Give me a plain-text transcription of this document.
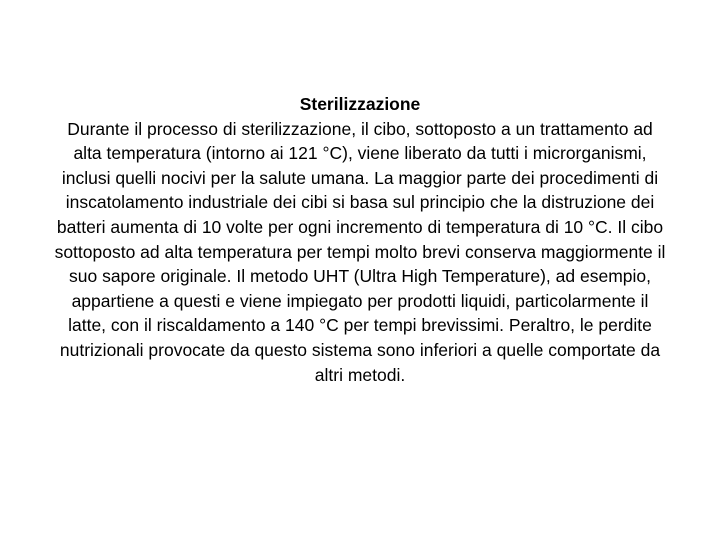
Sterilizzazione

Durante il processo di sterilizzazione, il cibo, sottoposto a un trattamento ad alta temperatura (intorno ai 121 °C), viene liberato da tutti i microrganismi, inclusi quelli nocivi per la salute umana. La maggior parte dei procedimenti di inscatolamento industriale dei cibi si basa sul principio che la distruzione dei batteri aumenta di 10 volte per ogni incremento di temperatura di 10 °C. Il cibo sottoposto ad alta temperatura per tempi molto brevi conserva maggiormente il suo sapore originale. Il metodo UHT (Ultra High Temperature), ad esempio, appartiene a questi e viene impiegato per prodotti liquidi, particolarmente il latte, con il riscaldamento a 140 °C per tempi brevissimi. Peraltro, le perdite nutrizionali provocate da questo sistema sono inferiori a quelle comportate da altri metodi.
